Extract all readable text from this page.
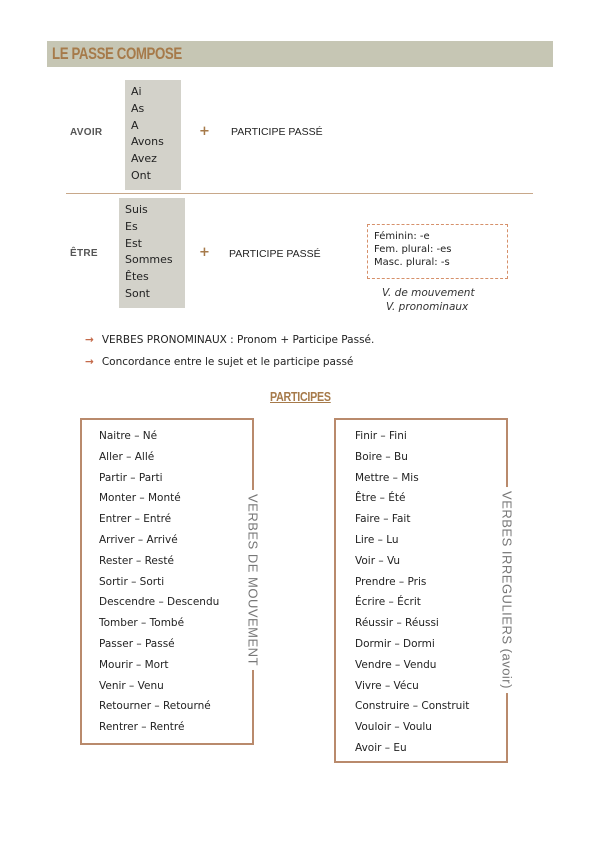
LE PASSE COMPOSE
AVOIR
Ai
As
A
Avons
Avez
Ont
+ PARTICIPE PASSÉ
ÊTRE
Suis
Es
Est
Sommes
Êtes
Sont
+ PARTICIPE PASSÉ
Féminin: -e
Fem. plural: -es
Masc. plural: -s
V. de mouvement
V. pronominaux
→ VERBES PRONOMINAUX : Pronom + Participe Passé.
→ Concordance entre le sujet et le participe passé
PARTICIPES
Naitre – Né
Aller – Allé
Partir – Parti
Monter – Monté
Entrer – Entré
Arriver – Arrivé
Rester – Resté
Sortir – Sorti
Descendre – Descendu
Tomber – Tombé
Passer – Passé
Mourir – Mort
Venir – Venu
Retourner – Retourné
Rentrer – Rentré
VERBES DE MOUVEMENT
Finir – Fini
Boire – Bu
Mettre – Mis
Être – Été
Faire – Fait
Lire – Lu
Voir – Vu
Prendre – Pris
Écrire – Écrit
Réussir – Réussi
Dormir – Dormi
Vendre – Vendu
Vivre – Vécu
Construire – Construit
Vouloir – Voulu
Avoir – Eu
VERBES IRREGULIERS (avoir)
